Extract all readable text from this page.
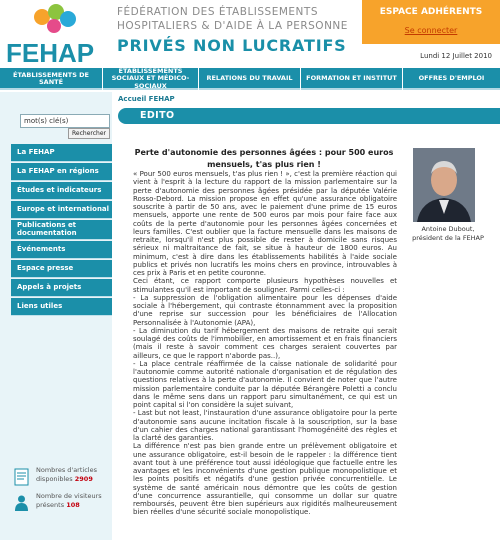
FEHAP
FÉDÉRATION DES ÉTABLISSEMENTS
HOSPITALIERS & D'AIDE À LA PERSONNE
PRIVÉS NON LUCRATIFS
ESPACE ADHÉRENTS
Se connecter
Lundi 12 Juillet 2010
ÉTABLISSEMENTS DE SANTÉ
ÉTABLISSEMENTS SOCIAUX ET MÉDICO-SOCIAUX
RELATIONS DU TRAVAIL	FORMATION ET INSTITUT	OFFRES D'EMPLOI
Accueil FEHAP
mot(s) clé(s)
Rechercher
La FEHAP
La FEHAP en régions
Études et indicateurs
Europe et international
Publications et documentation
Événements
Espace presse
Appels à projets
Liens utiles
Nombres d'articles disponibles 2909
Nombre de visiteurs présents 108
EDITO
Perte d'autonomie des personnes âgées : pour 500 euros mensuels, t'as plus rien !
Antoine Dubout,
président de la FEHAP

« Pour 500 euros mensuels, t'as plus rien ! », c'est la première réaction qui vient à l'esprit à la lecture du rapport de la mission parlementaire sur la perte d'autonomie des personnes âgées présidée par la députée Valérie Rosso-Debord. La mission propose en effet qu'une assurance obligatoire souscrite à partir de 50 ans, avec le paiement d'une prime de 15 euros mensuels, apporte une rente de 500 euros par mois pour faire face aux coûts de la perte d'autonomie pour les personnes âgées concernées et leurs familles. C'est oublier que la facture mensuelle dans les maisons de retraite, lorsqu'il n'est plus possible de rester à domicile sans risques sérieux ni maltraitance de fait, se situe à hauteur de 1800 euros. Au minimum, c'est à dire dans les établissements habilités à l'aide sociale publics et privés non lucratifs les moins chers en province, introuvables à ces prix à Paris et en petite couronne.

Ceci étant, ce rapport comporte plusieurs hypothèses nouvelles et stimulantes qu'il est important de souligner. Parmi celles-ci :

- La suppression de l'obligation alimentaire pour les dépenses d'aide sociale à l'hébergement, qui contraste étonnamment avec la proposition d'une reprise sur succession pour les bénéficiaires de l'Allocation Personnalisée à l'Autonomie (APA),

- La diminution du tarif hébergement des maisons de retraite qui serait soulagé des coûts de l'immobilier, en amortissement et en frais financiers (mais il reste à savoir comment ces charges seraient couvertes par ailleurs, ce que le rapport n'aborde pas..),

- La place centrale réaffirmée de la caisse nationale de solidarité pour l'autonomie comme autorité nationale d'organisation et de régulation des questions relatives à la perte d'autonomie. Il convient de noter que l'autre mission parlementaire conduite par la députée Bérangère Poletti a conclu dans le même sens dans un rapport paru simultanément, ce qui est un point capital si l'on considère la sujet suivant,

- Last but not least, l'instauration d'une assurance obligatoire pour la perte d'autonomie sans aucune incitation fiscale à la souscription, sur la base d'un cahier des charges national garantissant l'homogénéité des règles et la clarté des garanties.

La différence n'est pas bien grande entre un prélèvement obligatoire et une assurance obligatoire, est-il besoin de le rappeler : la différence tient avant tout à une préférence tout aussi idéologique que factuelle entre les avantages et les inconvénients d'une gestion publique monopolistique et les points positifs et négatifs d'une gestion privée concurrentielle. Le système de santé américain nous démontre que les coûts de gestion d'une concurrence assurantielle, qui consomme un dollar sur quatre remboursés, peuvent être bien supérieurs aux rigidités malheureusement bien réelles d'une sécurité sociale monopolistique.
